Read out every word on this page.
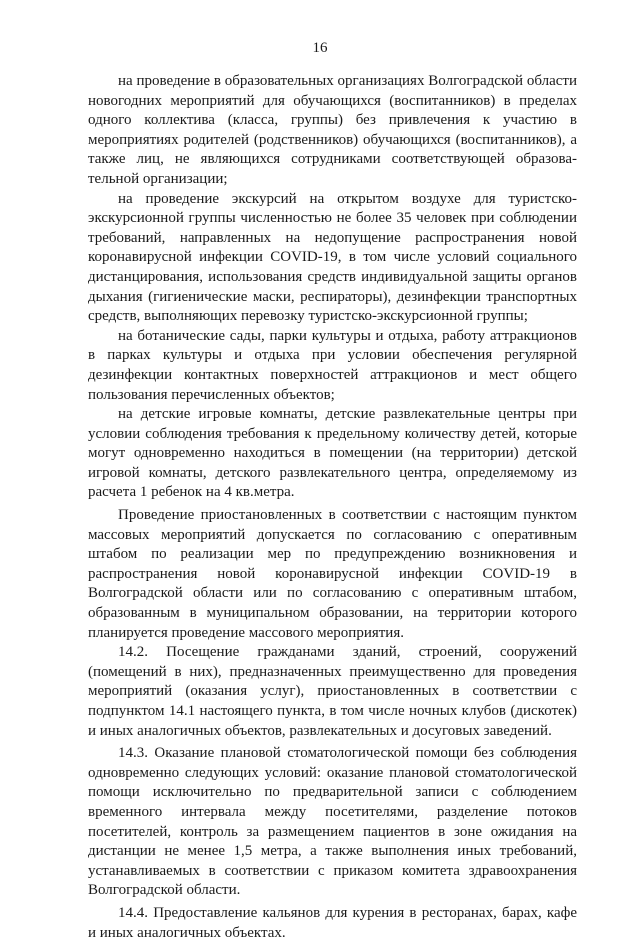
16

на проведение в образовательных организациях Волгоградской области новогодних мероприятий для обучающихся (воспитанников) в пределах одного коллектива (класса, группы) без привлечения к участию в мероприятиях родителей (родственников) обучающихся (воспитанников), а также лиц, не являющихся сотрудниками соответствующей образовательной организации;

на проведение экскурсий на открытом воздухе для туристско-экскурсионной группы численностью не более 35 человек при соблюдении требований, направленных на недопущение распространения новой коронавирусной инфекции COVID-19, в том числе условий социального дистанцирования, использования средств индивидуальной защиты органов дыхания (гигиенические маски, респираторы), дезинфекции транспортных средств, выполняющих перевозку туристско-экскурсионной группы;

на ботанические сады, парки культуры и отдыха, работу аттракционов в парках культуры и отдыха при условии обеспечения регулярной дезинфекции контактных поверхностей аттракционов и мест общего пользования перечисленных объектов;

на детские игровые комнаты, детские развлекательные центры при условии соблюдения требования к предельному количеству детей, которые могут одновременно находиться в помещении (на территории) детской игровой комнаты, детского развлекательного центра, определяемому из расчета 1 ребенок на 4 кв.метра.

Проведение приостановленных в соответствии с настоящим пунктом массовых мероприятий допускается по согласованию с оперативным штабом по реализации мер по предупреждению возникновения и распространения новой коронавирусной инфекции COVID-19 в Волгоградской области или по согласованию с оперативным штабом, образованным в муниципальном образовании, на территории которого планируется проведение массового мероприятия.

14.2. Посещение гражданами зданий, строений, сооружений (помещений в них), предназначенных преимущественно для проведения мероприятий (оказания услуг), приостановленных в соответствии с подпунктом 14.1 настоящего пункта, в том числе ночных клубов (дискотек) и иных аналогичных объектов, развлекательных и досуговых заведений.

14.3. Оказание плановой стоматологической помощи без соблюдения одновременно следующих условий: оказание плановой стоматологической помощи исключительно по предварительной записи с соблюдением временного интервала между посетителями, разделение потоков посетителей, контроль за размещением пациентов в зоне ожидания на дистанции не менее 1,5 метра, а также выполнения иных требований, устанавливаемых в соответствии с приказом комитета здравоохранения Волгоградской области.

14.4. Предоставление кальянов для курения в ресторанах, барах, кафе и иных аналогичных объектах.
